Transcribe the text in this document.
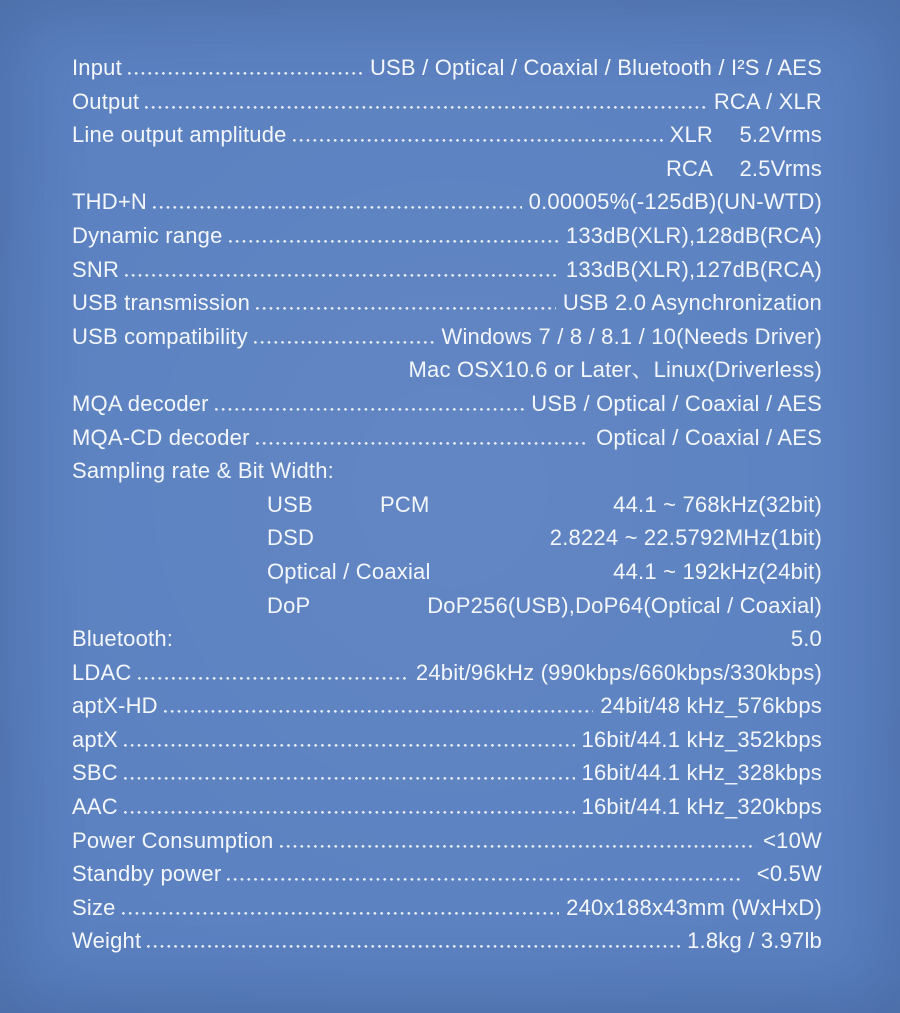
Input	USB / Optical / Coaxial / Bluetooth / I²S / AES
Output	RCA / XLR
Line output amplitude	XLR	5.2Vrms
RCA	2.5Vrms
THD+N	0.00005%(-125dB)(UN-WTD)
Dynamic range	133dB(XLR),128dB(RCA)
SNR	133dB(XLR),127dB(RCA)
USB transmission	USB 2.0 Asynchronization
USB compatibility	Windows 7 / 8 / 8.1 / 10(Needs Driver)
Mac OSX10.6 or Later、Linux(Driverless)
MQA decoder	USB / Optical / Coaxial / AES
MQA-CD decoder	Optical / Coaxial / AES
Sampling rate & Bit Width:
USB	PCM	44.1 ~ 768kHz(32bit)
DSD	2.8224 ~ 22.5792MHz(1bit)
Optical / Coaxial	44.1 ~ 192kHz(24bit)
DoP	DoP256(USB),DoP64(Optical / Coaxial)
Bluetooth:	5.0
LDAC	24bit/96kHz (990kbps/660kbps/330kbps)
aptX-HD	24bit/48 kHz_576kbps
aptX	16bit/44.1 kHz_352kbps
SBC	16bit/44.1 kHz_328kbps
AAC	16bit/44.1 kHz_320kbps
Power Consumption	<10W
Standby power	<0.5W
Size	240x188x43mm (WxHxD)
Weight	1.8kg / 3.97lb
